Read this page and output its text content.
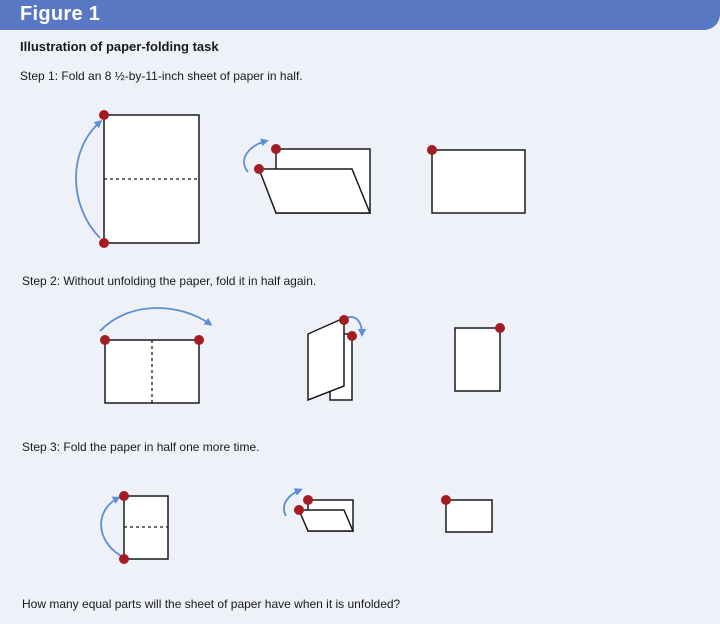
Figure 1
Illustration of paper-folding task
Step 1: Fold an 8 ½-by-11-inch sheet of paper in half.
Step 2: Without unfolding the paper, fold it in half again.
Step 3: Fold the paper in half one more time.
How many equal parts will the sheet of paper have when it is unfolded?
